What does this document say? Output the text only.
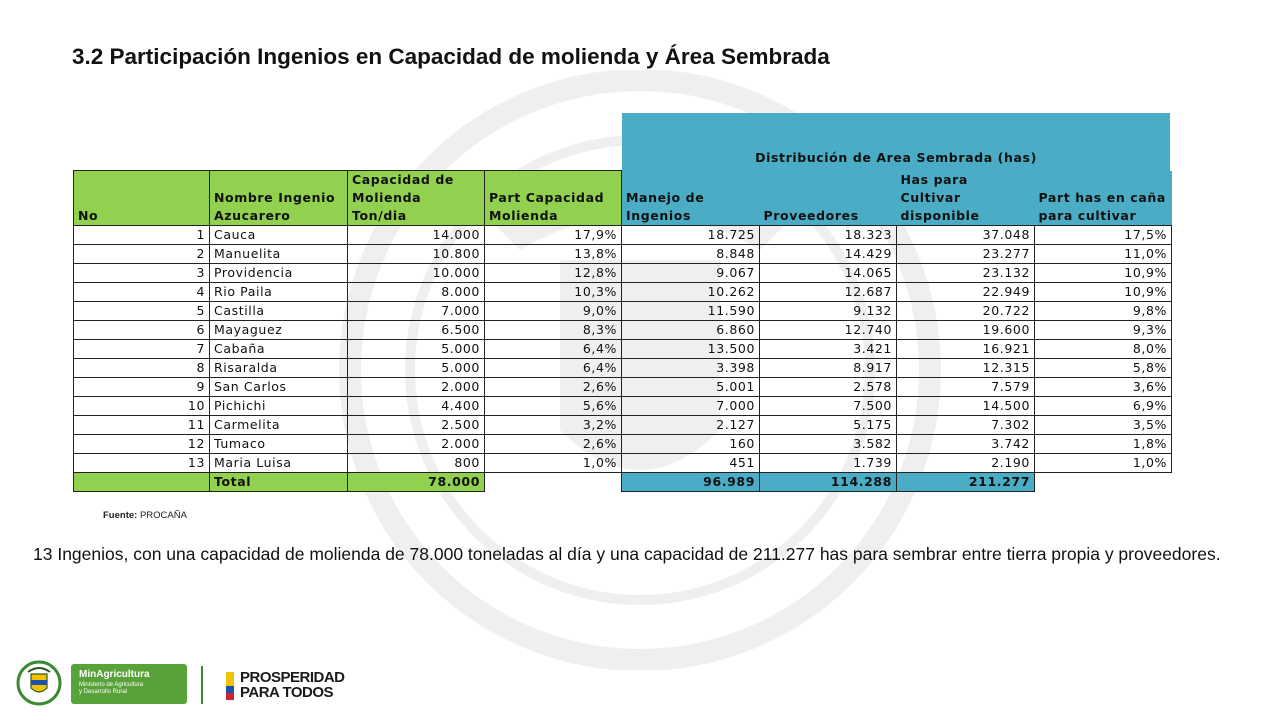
3.2 Participación Ingenios en Capacidad de molienda y Área Sembrada
Distribución de Area Sembrada (has)
No	Nombre Ingenio Azucarero	Capacidad de Molienda Ton/dia	Part Capacidad Molienda	Manejo de Ingenios	Proveedores	Has para Cultivar disponible	Part has en caña para cultivar
1	Cauca	14.000	17,9%	18.725	18.323	37.048	17,5%
2	Manuelita	10.800	13,8%	8.848	14.429	23.277	11,0%
3	Providencia	10.000	12,8%	9.067	14.065	23.132	10,9%
4	Rio Paila	8.000	10,3%	10.262	12.687	22.949	10,9%
5	Castilla	7.000	9,0%	11.590	9.132	20.722	9,8%
6	Mayaguez	6.500	8,3%	6.860	12.740	19.600	9,3%
7	Cabaña	5.000	6,4%	13.500	3.421	16.921	8,0%
8	Risaralda	5.000	6,4%	3.398	8.917	12.315	5,8%
9	San Carlos	2.000	2,6%	5.001	2.578	7.579	3,6%
10	Pichichi	4.400	5,6%	7.000	7.500	14.500	6,9%
11	Carmelita	2.500	3,2%	2.127	5.175	7.302	3,5%
12	Tumaco	2.000	2,6%	160	3.582	3.742	1,8%
13	Maria Luisa	800	1,0%	451	1.739	2.190	1,0%
	Total	78.000		96.989	114.288	211.277	
Fuente: PROCAÑA
13 Ingenios, con una capacidad de molienda de 78.000 toneladas al día y una capacidad de 211.277 has para sembrar entre tierra propia y proveedores.
MinAgricultura
Ministerio de Agricultura
y Desarrollo Rural
PROSPERIDAD
PARA TODOS
